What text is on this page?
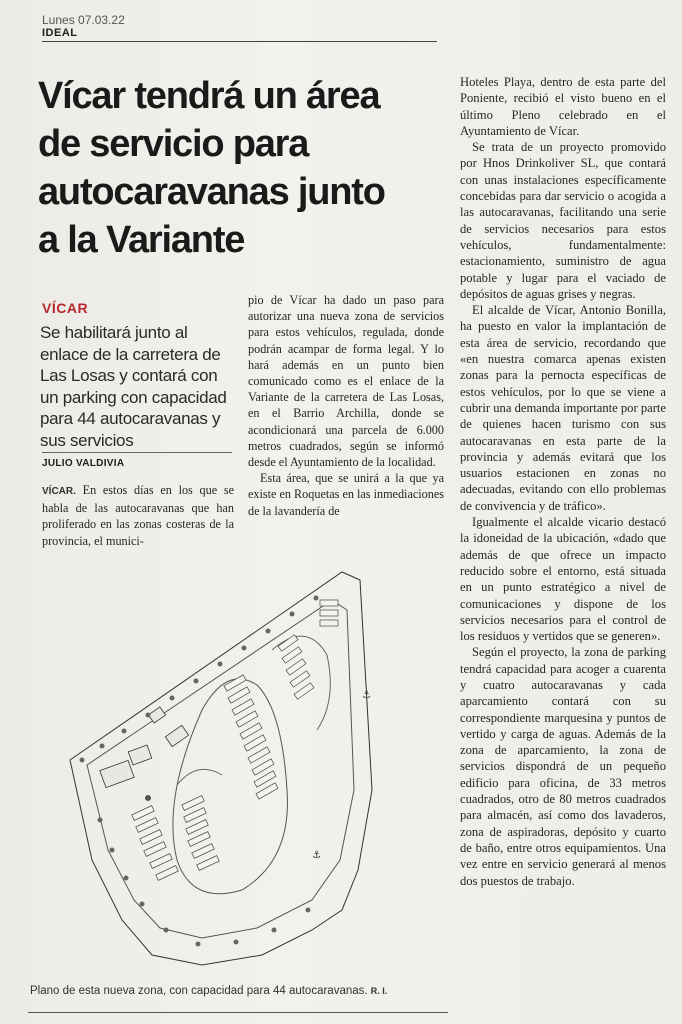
Lunes 07.03.22
IDEAL
Vícar tendrá un área
de servicio para
autocaravanas junto
a la Variante
VÍCAR
Se habilitará junto al
enlace de la carretera de
Las Losas y contará con
un parking con capacidad
para 44 autocaravanas y
sus servicios
JULIO VALDIVIA

VÍCAR. En estos días en los que se habla de las autocaravanas que han proliferado en las zonas costeras de la provincia, el munici-

pio de Vícar ha dado un paso para autorizar una nueva zona de servicios para estos vehículos, regulada, donde podrán acampar de forma legal. Y lo hará además en un punto bien comunicado como es el enlace de la Variante de la carretera de Las Losas, en el Barrio Archilla, donde se acondicionará una parcela de 6.000 metros cuadrados, según se informó desde el Ayuntamiento de la localidad.

Esta área, que se unirá a la que ya existe en Roquetas en las inmediaciones de la lavandería de

Hoteles Playa, dentro de esta parte del Poniente, recibió el visto bueno en el último Pleno celebrado en el Ayuntamiento de Vícar.

Se trata de un proyecto promovido por Hnos Drinkoliver SL, que contará con unas instalaciones específicamente concebidas para dar servicio o acogida a las autocaravanas, facilitando una serie de servicios necesarios para estos vehículos, fundamentalmente: estacionamiento, suministro de agua potable y lugar para el vaciado de depósitos de aguas grises y negras.

El alcalde de Vícar, Antonio Bonilla, ha puesto en valor la implantación de esta área de servicio, recordando que «en nuestra comarca apenas existen zonas para la pernocta específicas de estos vehículos, por lo que se viene a cubrir una demanda importante por parte de quienes hacen turismo con sus autocaravanas en esta parte de la provincia y además evitará que los usuarios estacionen en zonas no adecuadas, evitando con ello problemas de convivencia y de tráfico».

Igualmente el alcalde vicario destacó la idoneidad de la ubicación, «dado que además de que ofrece un impacto reducido sobre el entorno, está situada en un punto estratégico a nivel de comunicaciones y dispone de los servicios necesarios para el control de los residuos y vertidos que se generen».

Según el proyecto, la zona de parking tendrá capacidad para acoger a cuarenta y cuatro autocaravanas y cada aparcamiento contará con su correspondiente marquesina y puntos de vertido y carga de aguas. Además de la zona de aparcamiento, la zona de servicios dispondrá de un pequeño edificio para oficina, de 33 metros cuadrados, otro de 80 metros cuadrados para almacén, así como dos lavaderos, zona de aspiradoras, depósito y cuarto de baño, entre otros equipamientos. Una vez entre en servicio generará al menos dos puestos de trabajo.

⚓
⚓
Plano de esta nueva zona, con capacidad para 44 autocaravanas. R. I.
